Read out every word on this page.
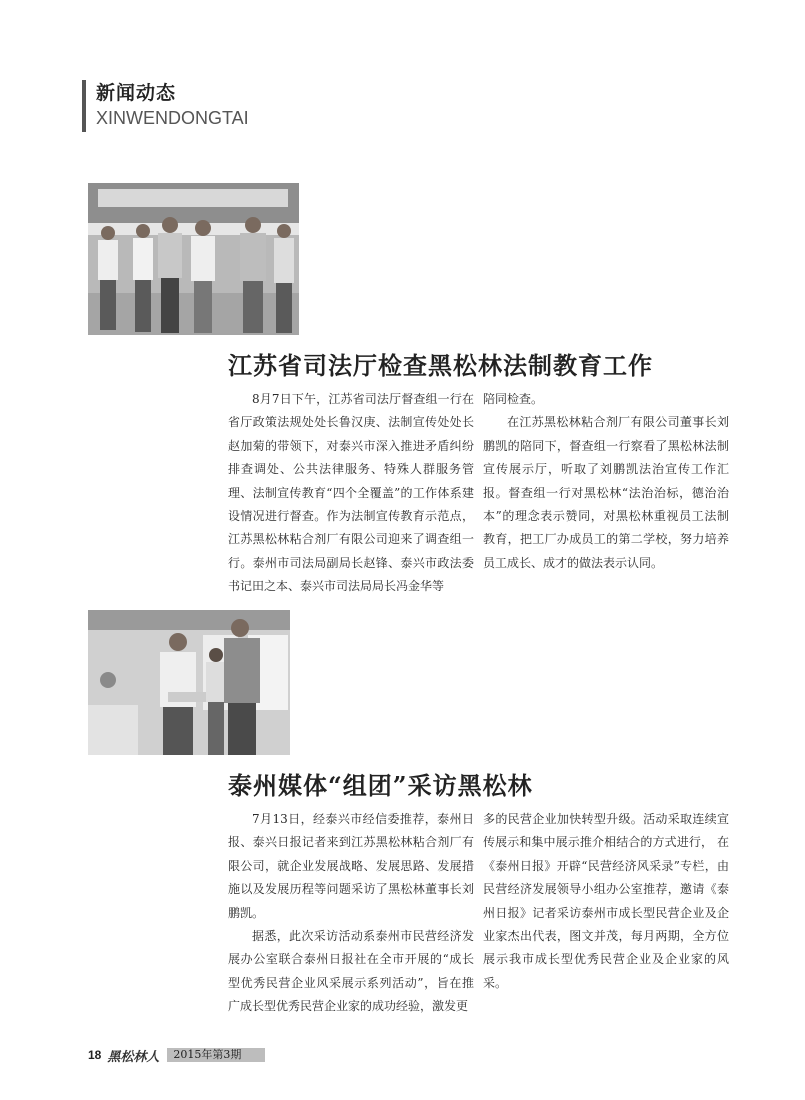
新闻动态
XINWENDONGTAI
江苏省司法厅检查黑松林法制教育工作

8月7日下午，江苏省司法厅督查组一行在省厅政策法规处处长鲁汉庚、法制宣传处处长赵加菊的带领下，对泰兴市深入推进矛盾纠纷排查调处、公共法律服务、特殊人群服务管理、法制宣传教育“四个全覆盖”的工作体系建设情况进行督查。作为法制宣传教育示范点，江苏黑松林粘合剂厂有限公司迎来了调查组一行。泰州市司法局副局长赵锋、泰兴市政法委书记田之本、泰兴市司法局局长冯金华等

陪同检查。

在江苏黑松林粘合剂厂有限公司董事长刘鹏凯的陪同下，督查组一行察看了黑松林法制宣传展示厅，听取了刘鹏凯法治宣传工作汇报。督查组一行对黑松林“法治治标，德治治本”的理念表示赞同，对黑松林重视员工法制教育，把工厂办成员工的第二学校，努力培养员工成长、成才的做法表示认同。

泰州媒体“组团”采访黑松林

7月13日，经泰兴市经信委推荐，泰州日报、泰兴日报记者来到江苏黑松林粘合剂厂有限公司，就企业发展战略、发展思路、发展措施以及发展历程等问题采访了黑松林董事长刘鹏凯。

据悉，此次采访活动系泰州市民营经济发展办公室联合泰州日报社在全市开展的“成长型优秀民营企业风采展示系列活动”，旨在推广成长型优秀民营企业家的成功经验，激发更

多的民营企业加快转型升级。活动采取连续宣传展示和集中展示推介相结合的方式进行， 在《泰州日报》开辟“民营经济风采录”专栏，由民营经济发展领导小组办公室推荐，邀请《泰州日报》记者采访泰州市成长型民营企业及企业家杰出代表，图文并茂，每月两期，全方位展示我市成长型优秀民营企业及企业家的风采。

18 黑松林人	2015年第3期
